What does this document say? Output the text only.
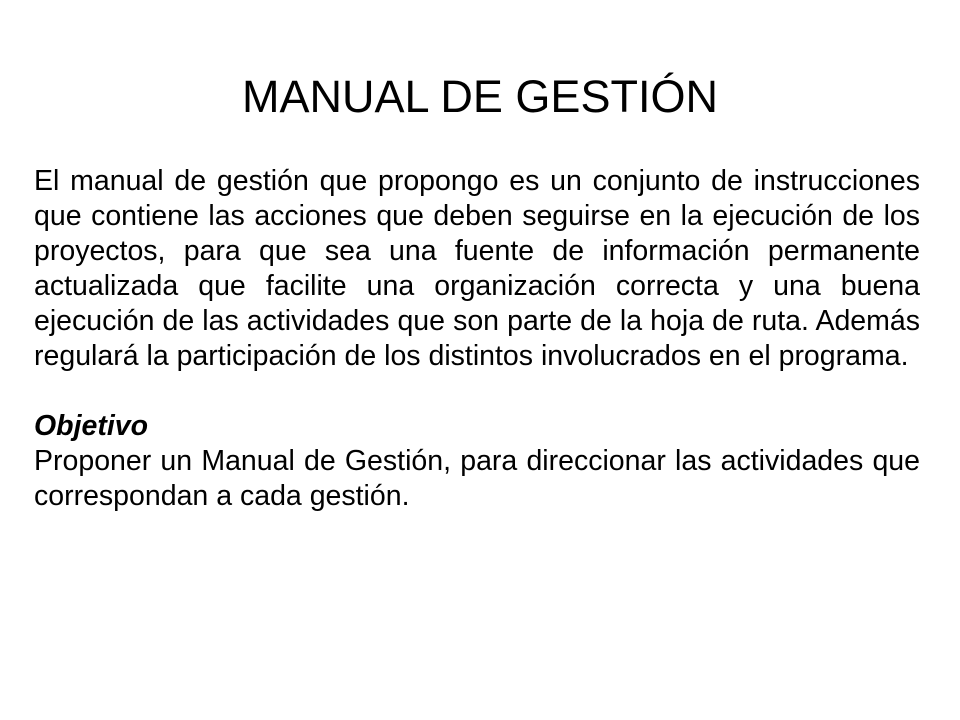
MANUAL DE GESTIÓN

El manual de gestión que propongo es un conjunto de instrucciones que contiene las acciones que deben seguirse en la ejecución de los proyectos, para que sea una fuente de información permanente actualizada que facilite una organización correcta y una buena ejecución de las actividades que son parte de la hoja de ruta. Además regulará la participación de los distintos involucrados en el programa.

Objetivo

Proponer un Manual de Gestión, para direccionar las actividades que correspondan a cada gestión.
